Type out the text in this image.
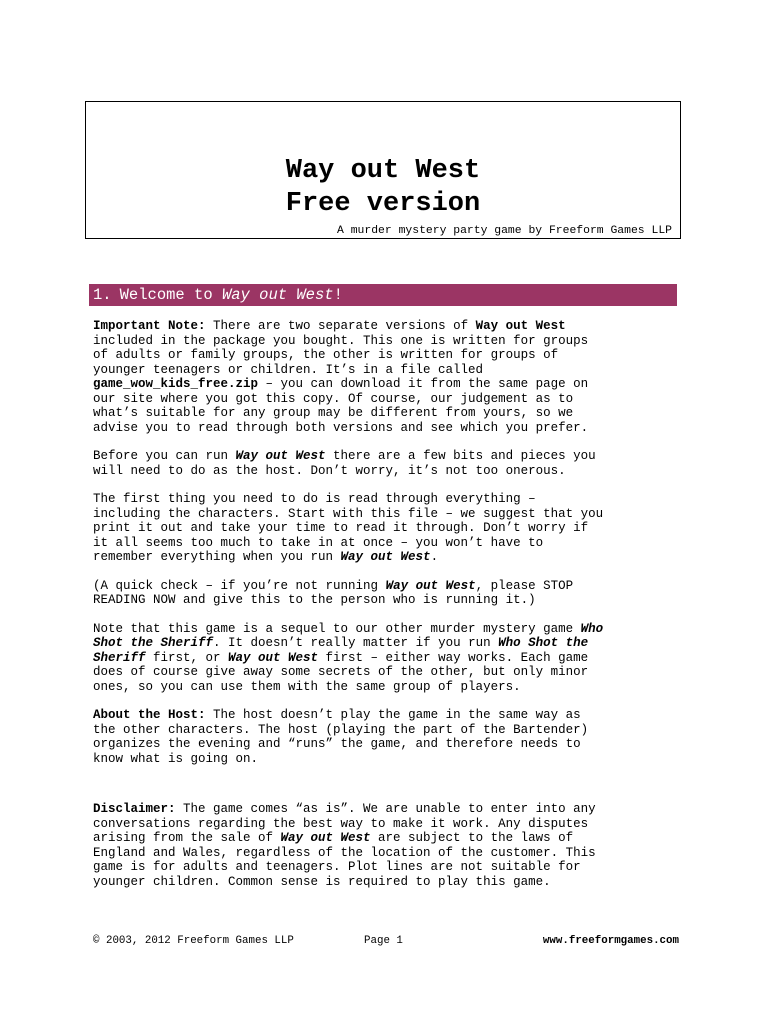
Way out West
Free version
A murder mystery party game by Freeform Games LLP
1. Welcome to Way out West!

Important Note: There are two separate versions of Way out West
included in the package you bought. This one is written for groups
of adults or family groups, the other is written for groups of
younger teenagers or children. It’s in a file called
game_wow_kids_free.zip – you can download it from the same page on
our site where you got this copy. Of course, our judgement as to
what’s suitable for any group may be different from yours, so we
advise you to read through both versions and see which you prefer.

Before you can run Way out West there are a few bits and pieces you
will need to do as the host. Don’t worry, it’s not too onerous.

The first thing you need to do is read through everything –
including the characters. Start with this file – we suggest that you
print it out and take your time to read it through. Don’t worry if
it all seems too much to take in at once – you won’t have to
remember everything when you run Way out West.

(A quick check – if you’re not running Way out West, please STOP
READING NOW and give this to the person who is running it.)

Note that this game is a sequel to our other murder mystery game Who
Shot the Sheriff. It doesn’t really matter if you run Who Shot the
Sheriff first, or Way out West first – either way works. Each game
does of course give away some secrets of the other, but only minor
ones, so you can use them with the same group of players.

About the Host: The host doesn’t play the game in the same way as
the other characters. The host (playing the part of the Bartender)
organizes the evening and “runs” the game, and therefore needs to
know what is going on.

Disclaimer: The game comes “as is”. We are unable to enter into any
conversations regarding the best way to make it work. Any disputes
arising from the sale of Way out West are subject to the laws of
England and Wales, regardless of the location of the customer. This
game is for adults and teenagers. Plot lines are not suitable for
younger children. Common sense is required to play this game.

© 2003, 2012 Freeform Games LLP	Page 1	www.freeformgames.com
